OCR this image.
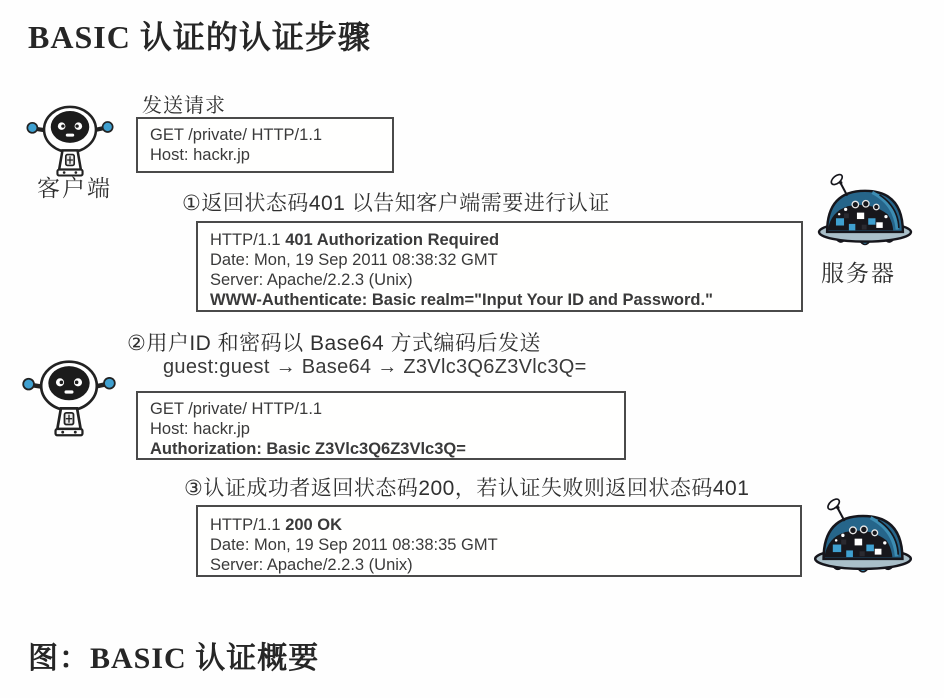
BASIC 认证的认证步骤
客户端
发送请求
GET /private/ HTTP/1.1
Host: hackr.jp
①返回状态码401 以告知客户端需要进行认证
HTTP/1.1 401 Authorization Required
Date: Mon, 19 Sep 2011 08:38:32 GMT
Server: Apache/2.2.3 (Unix)
WWW-Authenticate: Basic realm="Input Your ID and Password."
服务器
②用户ID 和密码以 Base64 方式编码后发送
guest:guest → Base64 → Z3Vlc3Q6Z3Vlc3Q=
GET /private/ HTTP/1.1
Host: hackr.jp
Authorization: Basic Z3Vlc3Q6Z3Vlc3Q=
③认证成功者返回状态码200，若认证失败则返回状态码401
HTTP/1.1 200 OK
Date: Mon, 19 Sep 2011 08:38:35 GMT
Server: Apache/2.2.3 (Unix)
图：BASIC 认证概要
